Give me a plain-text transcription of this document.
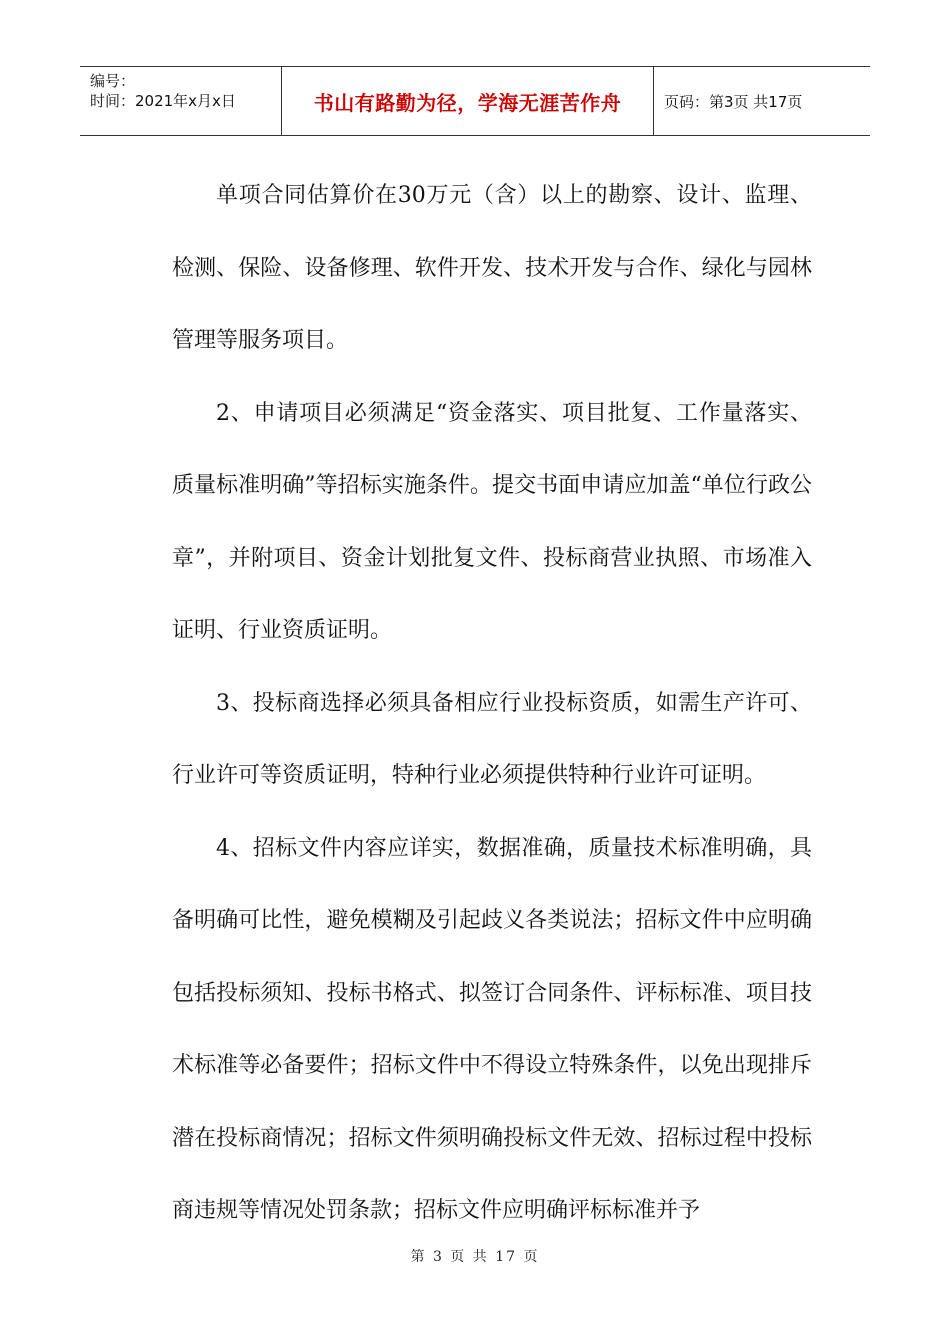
编号：
时间：2021年x月x日	书山有路勤为径，学海无涯苦作舟	页码：第3页 共17页

单项合同估算价在30万元（含）以上的勘察、设计、监理、检测、保险、设备修理、软件开发、技术开发与合作、绿化与园林管理等服务项目。

2、申请项目必须满足“资金落实、项目批复、工作量落实、质量标准明确”等招标实施条件。提交书面申请应加盖“单位行政公章”，并附项目、资金计划批复文件、投标商营业执照、市场准入证明、行业资质证明。

3、投标商选择必须具备相应行业投标资质，如需生产许可、行业许可等资质证明，特种行业必须提供特种行业许可证明。

4、招标文件内容应详实，数据准确，质量技术标准明确，具备明确可比性，避免模糊及引起歧义各类说法；招标文件中应明确包括投标须知、投标书格式、拟签订合同条件、评标标准、项目技术标准等必备要件；招标文件中不得设立特殊条件，以免出现排斥潜在投标商情况；招标文件须明确投标文件无效、招标过程中投标商违规等情况处罚条款；招标文件应明确评标标准并予

第 3 页 共 17 页
